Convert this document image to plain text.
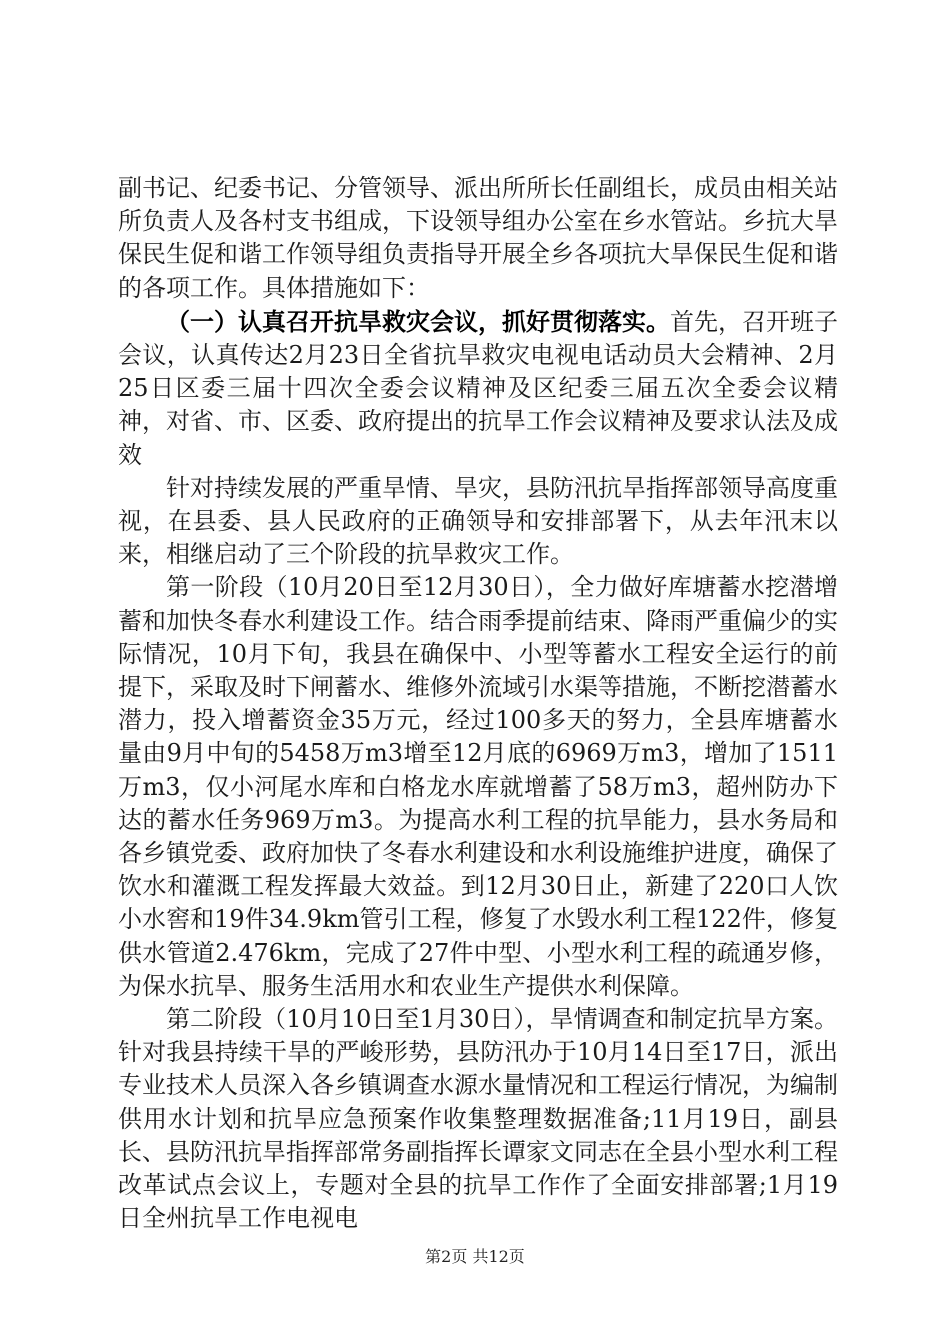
副书记、纪委书记、分管领导、派出所所长任副组长，成员由相关站所负责人及各村支书组成，下设领导组办公室在乡水管站。乡抗大旱保民生促和谐工作领导组负责指导开展全乡各项抗大旱保民生促和谐的各项工作。具体措施如下：

（一）认真召开抗旱救灾会议，抓好贯彻落实。首先，召开班子会议，认真传达2月23日全省抗旱救灾电视电话动员大会精神、2月25日区委三届十四次全委会议精神及区纪委三届五次全委会议精神，对省、市、区委、政府提出的抗旱工作会议精神及要求认法及成效

针对持续发展的严重旱情、旱灾，县防汛抗旱指挥部领导高度重视，在县委、县人民政府的正确领导和安排部署下，从去年汛末以来，相继启动了三个阶段的抗旱救灾工作。

第一阶段（10月20日至12月30日），全力做好库塘蓄水挖潜增蓄和加快冬春水利建设工作。结合雨季提前结束、降雨严重偏少的实际情况，10月下旬，我县在确保中、小型等蓄水工程安全运行的前提下，采取及时下闸蓄水、维修外流域引水渠等措施，不断挖潜蓄水潜力，投入增蓄资金35万元，经过100多天的努力，全县库塘蓄水量由9月中旬的5458万m3增至12月底的6969万m3，增加了1511万m3，仅小河尾水库和白格龙水库就增蓄了58万m3，超州防办下达的蓄水任务969万m3。为提高水利工程的抗旱能力，县水务局和各乡镇党委、政府加快了冬春水利建设和水利设施维护进度，确保了饮水和灌溉工程发挥最大效益。到12月30日止，新建了220口人饮小水窖和19件34.9km管引工程，修复了水毁水利工程122件，修复供水管道2.476km，完成了27件中型、小型水利工程的疏通岁修，为保水抗旱、服务生活用水和农业生产提供水利保障。

第二阶段（10月10日至1月30日），旱情调查和制定抗旱方案。针对我县持续干旱的严峻形势，县防汛办于10月14日至17日，派出专业技术人员深入各乡镇调查水源水量情况和工程运行情况，为编制供用水计划和抗旱应急预案作收集整理数据准备;11月19日，副县长、县防汛抗旱指挥部常务副指挥长谭家文同志在全县小型水利工程改革试点会议上，专题对全县的抗旱工作作了全面安排部署;1月19日全州抗旱工作电视电

第2页 共12页
